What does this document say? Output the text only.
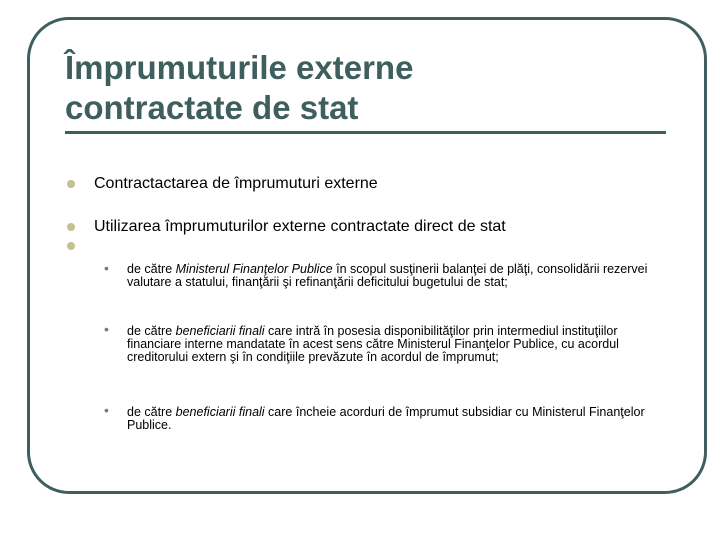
Împrumuturile externe
contractate de stat
Contractactarea de împrumuturi externe
Utilizarea împrumuturilor externe contractate direct de stat
• de către Ministerul Finanţelor Publice în scopul susţinerii balanţei de plăţi, consolidării rezervei valutare a statului, finanţării şi refinanţării deficitului bugetului de stat;
• de către beneficiarii finali care intră în posesia disponibilităţilor prin intermediul instituţiilor financiare interne mandatate în acest sens către Ministerul Finanţelor Publice, cu acordul creditorului extern şi în condiţiile prevăzute în acordul de împrumut;
• de către beneficiarii finali care încheie acorduri de împrumut subsidiar cu Ministerul Finanţelor Publice.
